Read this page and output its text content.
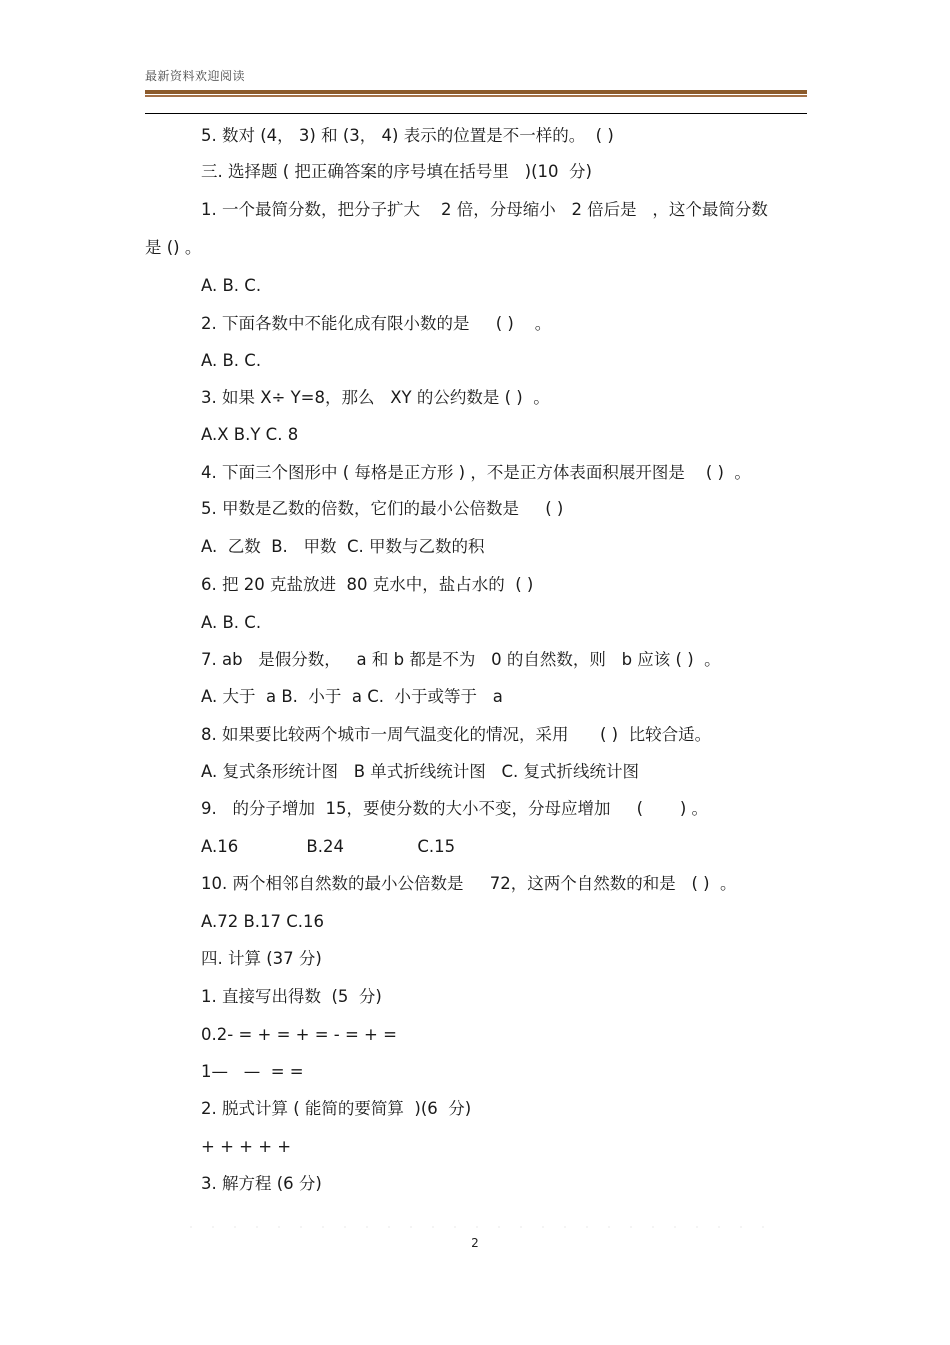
最新资料欢迎阅读
5. 数对 (4， 3) 和 (3， 4) 表示的位置是不一样的。  ( )
三. 选择题 ( 把正确答案的序号填在括号里   )(10  分)
1. 一个最简分数，把分子扩大    2 倍，分母缩小   2 倍后是   ，这个最简分数
是 () 。
A. B. C.
2. 下面各数中不能化成有限小数的是     ( )    。
A. B. C.
3. 如果 X÷ Y=8，那么   XY 的公约数是 ( )  。
A.X B.Y C. 8
4. 下面三个图形中 ( 每格是正方形 ) ，不是正方体表面积展开图是    ( )  。
5. 甲数是乙数的倍数，它们的最小公倍数是     ( )
A.  乙数  B.   甲数  C. 甲数与乙数的积
6. 把 20 克盐放进  80 克水中，盐占水的  ( )
A. B. C.
7. ab   是假分数，   a 和 b 都是不为   0 的自然数，则   b 应该 ( )  。
A. 大于  a B.  小于  a C.  小于或等于   a
8. 如果要比较两个城市一周气温变化的情况，采用      ( )  比较合适。
A. 复式条形统计图   B 单式折线统计图   C. 复式折线统计图
9.   的分子增加  15，要使分数的大小不变，分母应增加     (       ) 。
A.16             B.24              C.15
10. 两个相邻自然数的最小公倍数是     72，这两个自然数的和是   ( )  。
A.72 B.17 C.16
四. 计算 (37 分)
1. 直接写出得数  (5  分)
0.2- = + = + = - = + =
1—   —  = =
2. 脱式计算 ( 能简的要简算  )(6  分)
+ + + + +
3. 解方程 (6 分)
2
